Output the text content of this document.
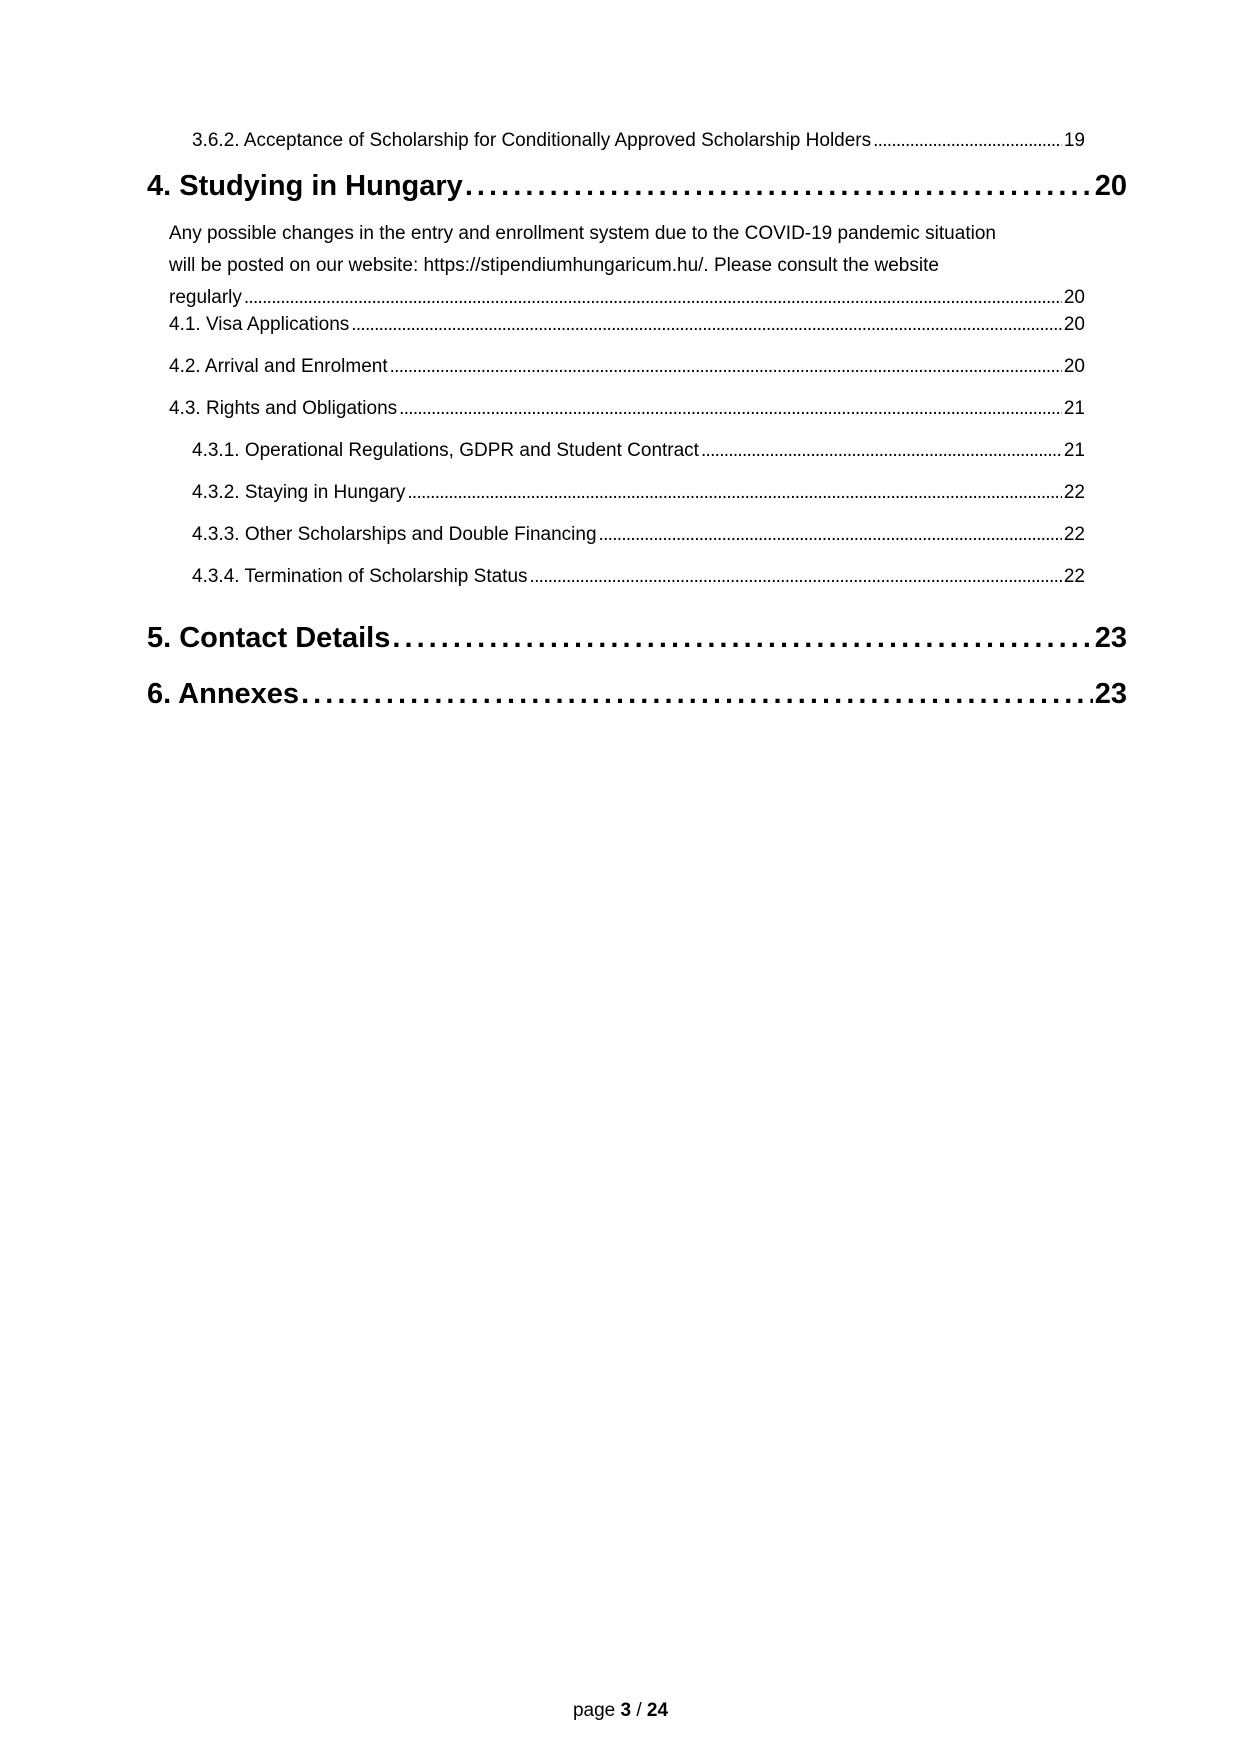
3.6.2. Acceptance of Scholarship for Conditionally Approved Scholarship Holders . . .	19
4. Studying in Hungary . . .	20
Any possible changes in the entry and enrollment system due to the COVID-19 pandemic situation
will be posted on our website: https://stipendiumhungaricum.hu/. Please consult the website
regularly . . .	20
4.1. Visa Applications . . .	20
4.2. Arrival and Enrolment . . .	20
4.3. Rights and Obligations . . .	21
4.3.1. Operational Regulations, GDPR and Student Contract . . .	21
4.3.2. Staying in Hungary . . .	22
4.3.3. Other Scholarships and Double Financing . . .	22
4.3.4. Termination of Scholarship Status . . .	22
5. Contact Details . . .	23
6. Annexes . . .	23
page 3 / 24
